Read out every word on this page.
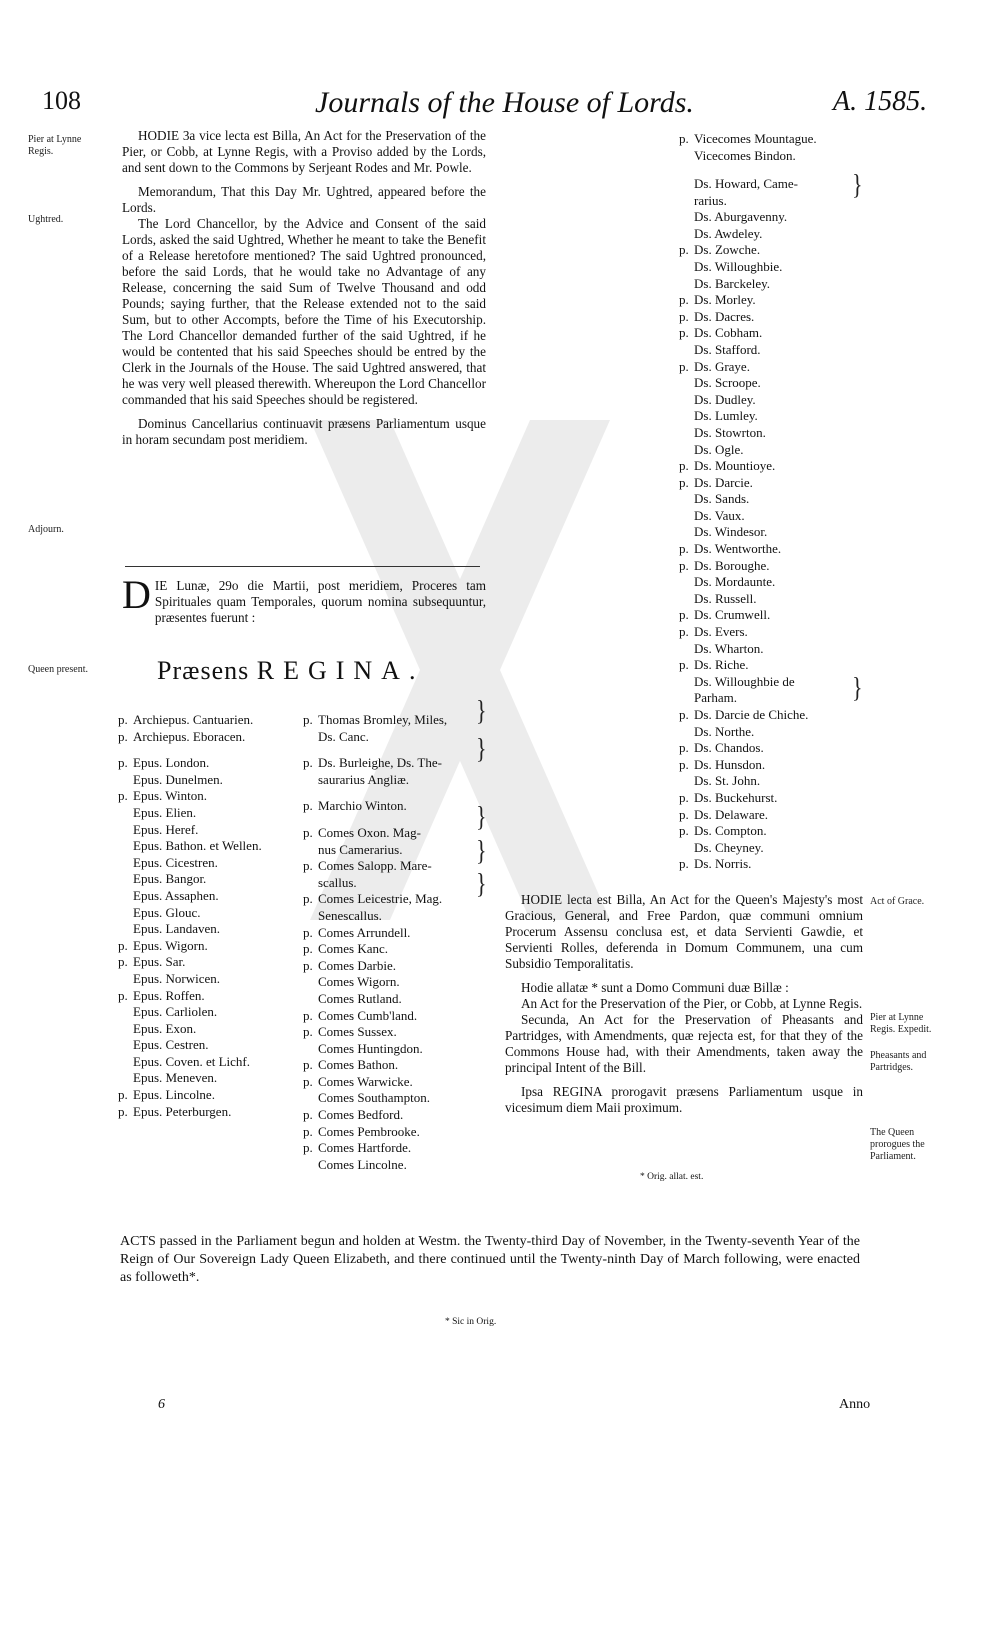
108	Journals of the House of Lords.	A. 1585.
Pier at Lynne Regis.
Ughtred.
Adjourn.
Queen present.

HODIE 3a vice lecta est Billa, An Act for the Preservation of the Pier, or Cobb, at Lynne Regis, with a Proviso added by the Lords, and sent down to the Commons by Serjeant Rodes and Mr. Powle.

Memorandum, That this Day Mr. Ughtred, appeared before the Lords.

The Lord Chancellor, by the Advice and Consent of the said Lords, asked the said Ughtred, Whether he meant to take the Benefit of a Release heretofore mentioned? The said Ughtred pronounced, before the said Lords, that he would take no Advantage of any Release, concerning the said Sum of Twelve Thousand and odd Pounds; saying further, that the Release extended not to the said Sum, but to other Accompts, before the Time of his Executorship. The Lord Chancellor demanded further of the said Ughtred, if he would be contented that his said Speeches should be entred by the Clerk in the Journals of the House. The said Ughtred answered, that he was very well pleased therewith. Whereupon the Lord Chancellor commanded that his said Speeches should be registered.

Dominus Cancellarius continuavit præsens Parliamentum usque in horam secundam post meridiem.

DIE Lunæ, 29o die Martii, post meridiem, Proceres tam Spirituales quam Temporales, quorum nomina subsequuntur, præsentes fuerunt :
Præsens REGINA.
p. Archiepus. Cantuarien.
p. Archiepus. Eboracen.
p. Epus. London.
Epus. Dunelmen.
p. Epus. Winton.
Epus. Elien.
Epus. Heref.
Epus. Bathon. et Wellen.
Epus. Cicestren.
Epus. Bangor.
Epus. Assaphen.
Epus. Glouc.
Epus. Landaven.
p. Epus. Wigorn.
p. Epus. Sar.
Epus. Norwicen.
p. Epus. Roffen.
Epus. Carliolen.
Epus. Exon.
Epus. Cestren.
Epus. Coven. et Lichf.
Epus. Meneven.
p. Epus. Lincolne.
p. Epus. Peterburgen.
p. Thomas Bromley, Miles,
Ds. Canc.
p. Ds. Burleighe, Ds. The-
saurarius Angliæ.
p. Marchio Winton.
p. Comes Oxon. Mag-
nus Camerarius.
p. Comes Salopp. Mare-
scallus.
p. Comes Leicestrie, Mag.
Senescallus.
p. Comes Arrundell.
p. Comes Kanc.
p. Comes Darbie.
Comes Wigorn.
Comes Rutland.
p. Comes Cumb'land.
p. Comes Sussex.
Comes Huntingdon.
p. Comes Bathon.
p. Comes Warwicke.
Comes Southampton.
p. Comes Bedford.
p. Comes Pembrooke.
p. Comes Hartforde.
Comes Lincolne.
}
}
}
}
}
p. Vicecomes Mountague.
Vicecomes Bindon.
Ds. Howard, Came-
rarius.
Ds. Aburgavenny.
Ds. Awdeley.
p. Ds. Zowche.
Ds. Willoughbie.
Ds. Barckeley.
p. Ds. Morley.
p. Ds. Dacres.
p. Ds. Cobham.
Ds. Stafford.
p. Ds. Graye.
Ds. Scroope.
Ds. Dudley.
Ds. Lumley.
Ds. Stowrton.
Ds. Ogle.
p. Ds. Mountioye.
p. Ds. Darcie.
Ds. Sands.
Ds. Vaux.
Ds. Windesor.
p. Ds. Wentworthe.
p. Ds. Boroughe.
Ds. Mordaunte.
Ds. Russell.
p. Ds. Crumwell.
p. Ds. Evers.
Ds. Wharton.
p. Ds. Riche.
Ds. Willoughbie de
Parham.
p. Ds. Darcie de Chiche.
Ds. Northe.
p. Ds. Chandos.
p. Ds. Hunsdon.
Ds. St. John.
p. Ds. Buckehurst.
p. Ds. Delaware.
p. Ds. Compton.
Ds. Cheyney.
p. Ds. Norris.
}
}

HODIE lecta est Billa, An Act for the Queen's Majesty's most Gracious, General, and Free Pardon, quæ communi omnium Procerum Assensu conclusa est, et data Servienti Gawdie, et Servienti Rolles, deferenda in Domum Communem, una cum Subsidio Temporalitatis.

Hodie allatæ * sunt a Domo Communi duæ Billæ :

An Act for the Preservation of the Pier, or Cobb, at Lynne Regis.

Secunda, An Act for the Preservation of Pheasants and Partridges, with Amendments, quæ rejecta est, for that they of the Commons House had, with their Amendments, taken away the principal Intent of the Bill.

Ipsa REGINA prorogavit præsens Parliamentum usque in vicesimum diem Maii proximum.

* Orig. allat. est.
Act of Grace.
Pier at Lynne Regis. Expedit.
Pheasants and Partridges.
The Queen prorogues the Parliament.
ACTS passed in the Parliament begun and holden at Westm. the Twenty-third Day of November, in the Twenty-seventh Year of the Reign of Our Sovereign Lady Queen Elizabeth, and there continued until the Twenty-ninth Day of March following, were enacted as followeth*.
* Sic in Orig.
6	Anno
